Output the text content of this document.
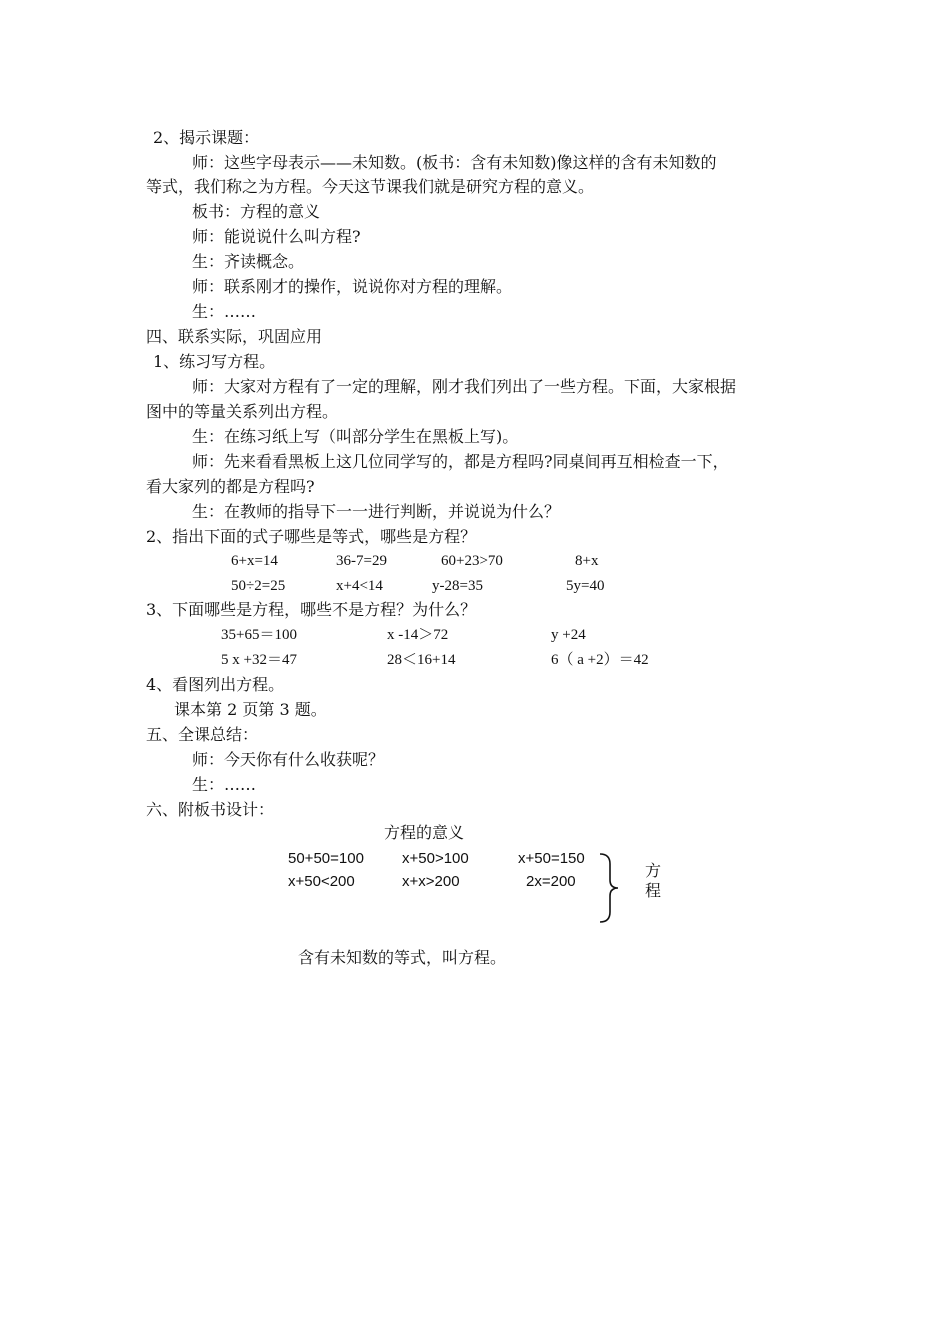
2、揭示课题：
师：这些字母表示——未知数。(板书：含有未知数)像这样的含有未知数的
等式，我们称之为方程。今天这节课我们就是研究方程的意义。
板书：方程的意义
师：能说说什么叫方程?
生：齐读概念。
师：联系刚才的操作，说说你对方程的理解。
生：……
四、联系实际，巩固应用
1、练习写方程。
师：大家对方程有了一定的理解，刚才我们列出了一些方程。下面，大家根据
图中的等量关系列出方程。
生：在练习纸上写（叫部分学生在黑板上写)。
师：先来看看黑板上这几位同学写的，都是方程吗?同桌间再互相检查一下，
看大家列的都是方程吗?
生：在教师的指导下一一进行判断，并说说为什么？
2、指出下面的式子哪些是等式，哪些是方程？
6+x=14	36-7=29	60+23>70	8+x
50÷2=25	x+4<14	y-28=35	5y=40
3、下面哪些是方程，哪些不是方程？为什么？
35+65＝100	x -14＞72	y +24
5 x +32＝47	28＜16+14	6（ a +2）＝42
4、看图列出方程。
课本第 2 页第 3 题。
五、全课总结：
师：今天你有什么收获呢？
生：……
六、附板书设计：
方程的意义
50+50=100	x+50>100	x+50=150
x+50<200	x+x>200	2x=200
方程
含有未知数的等式，叫方程。
